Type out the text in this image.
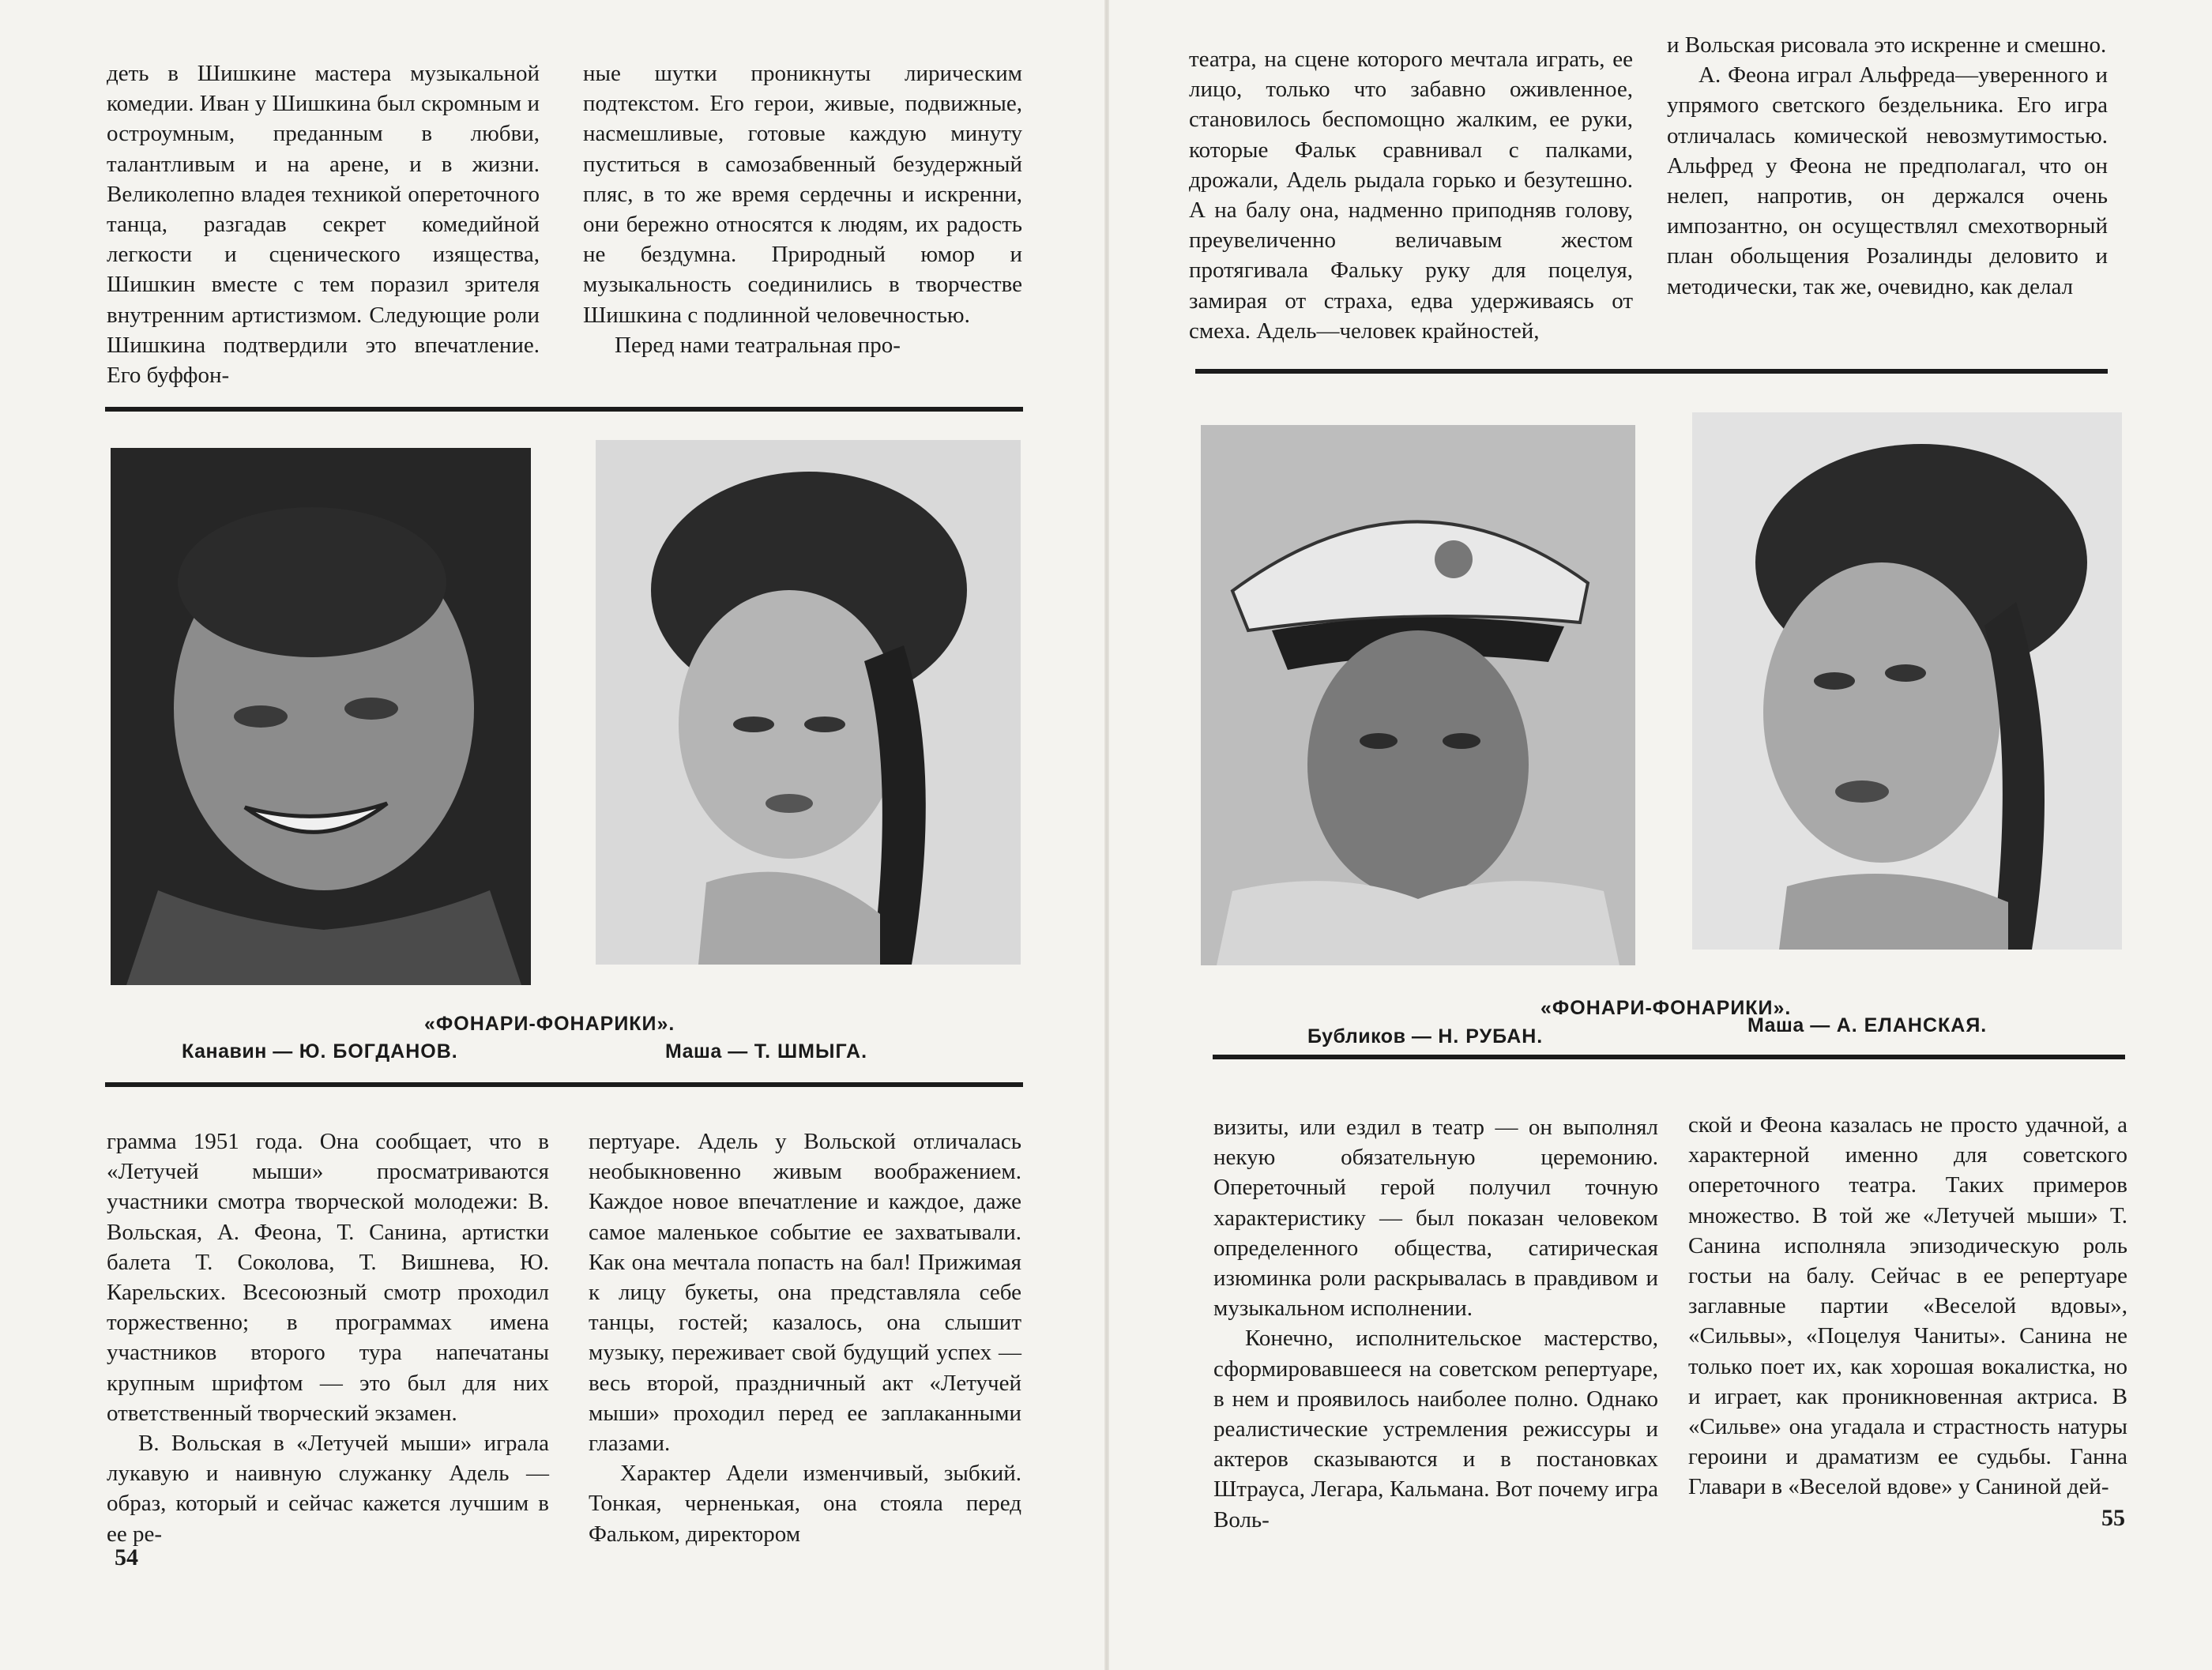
деть в Шишкине мастера музыкальной комедии. Иван у Шишкина был скромным и остроумным, преданным в любви, талантливым и на арене, и в жизни. Великолепно владея техникой опереточного танца, разгадав секрет комедийной легкости и сценического изящества, Шишкин вместе с тем поразил зрителя внутренним артистизмом. Следующие роли Шишкина подтвердили это впечатление. Его буффон-

ные шутки проникнуты лирическим подтекстом. Его герои, живые, подвижные, насмешливые, готовые каждую минуту пуститься в самозабвенный безудержный пляс, в то же время сердечны и искренни, они бережно относятся к людям, их радость не бездумна. Природный юмор и музыкальность соединились в творчестве Шишкина с подлинной человечностью.

Перед нами театральная про-

«ФОНАРИ-ФОНАРИКИ».
Канавин — Ю. БОГДАНОВ.	Маша — Т. ШМЫГА.

грамма 1951 года. Она сообщает, что в «Летучей мыши» просматриваются участники смотра творческой молодежи: В. Вольская, А. Феона, Т. Санина, артистки балета Т. Соколова, Т. Вишнева, Ю. Карельских. Всесоюзный смотр проходил торжественно; в программах имена участников второго тура напечатаны крупным шрифтом — это был для них ответственный творческий экзамен.

В. Вольская в «Летучей мыши» играла лукавую и наивную служанку Адель — образ, который и сейчас кажется лучшим в ее ре-

пертуаре. Адель у Вольской отличалась необыкновенно живым воображением. Каждое новое впечатление и каждое, даже самое маленькое событие ее захватывали. Как она мечтала попасть на бал! Прижимая к лицу букеты, она представляла себе танцы, гостей; казалось, она слышит музыку, переживает свой будущий успех — весь второй, праздничный акт «Летучей мыши» проходил перед ее заплаканными глазами.

Характер Адели изменчивый, зыбкий. Тонкая, черненькая, она стояла перед Фальком, директором

54

театра, на сцене которого мечтала играть, ее лицо, только что забавно оживленное, становилось беспомощно жалким, ее руки, которые Фальк сравнивал с палками, дрожали, Адель рыдала горько и безутешно. А на балу она, надменно приподняв голову, преувеличенно величавым жестом протягивала Фальку руку для поцелуя, замирая от страха, едва удерживаясь от смеха. Адель—человек крайностей,

и Вольская рисовала это искренне и смешно.

А. Феона играл Альфреда—уверенного и упрямого светского бездельника. Его игра отличалась комической невозмутимостью. Альфред у Феона не предполагал, что он нелеп, напротив, он держался очень импозантно, он осуществлял смехотворный план обольщения Розалинды деловито и методически, так же, очевидно, как делал

«ФОНАРИ-ФОНАРИКИ».
Бубликов — Н. РУБАН.	Маша — А. ЕЛАНСКАЯ.

визиты, или ездил в театр — он выполнял некую обязательную церемонию. Опереточный герой получил точную характеристику — был показан человеком определенного общества, сатирическая изюминка роли раскрывалась в правдивом и музыкальном исполнении.

Конечно, исполнительское мастерство, сформировавшееся на советском репертуаре, в нем и проявилось наиболее полно. Однако реалистические устремления режиссуры и актеров сказываются и в постановках Штрауса, Легара, Кальмана. Вот почему игра Воль-

ской и Феона казалась не просто удачной, а характерной именно для советского опереточного театра. Таких примеров множество. В той же «Летучей мыши» Т. Санина исполняла эпизодическую роль гостьи на балу. Сейчас в ее репертуаре заглавные партии «Веселой вдовы», «Сильвы», «Поцелуя Чаниты». Санина не только поет их, как хорошая вокалистка, но и играет, как проникновенная актриса. В «Сильве» она угадала и страстность натуры героини и драматизм ее судьбы. Ганна Главари в «Веселой вдове» у Саниной дей-

55
